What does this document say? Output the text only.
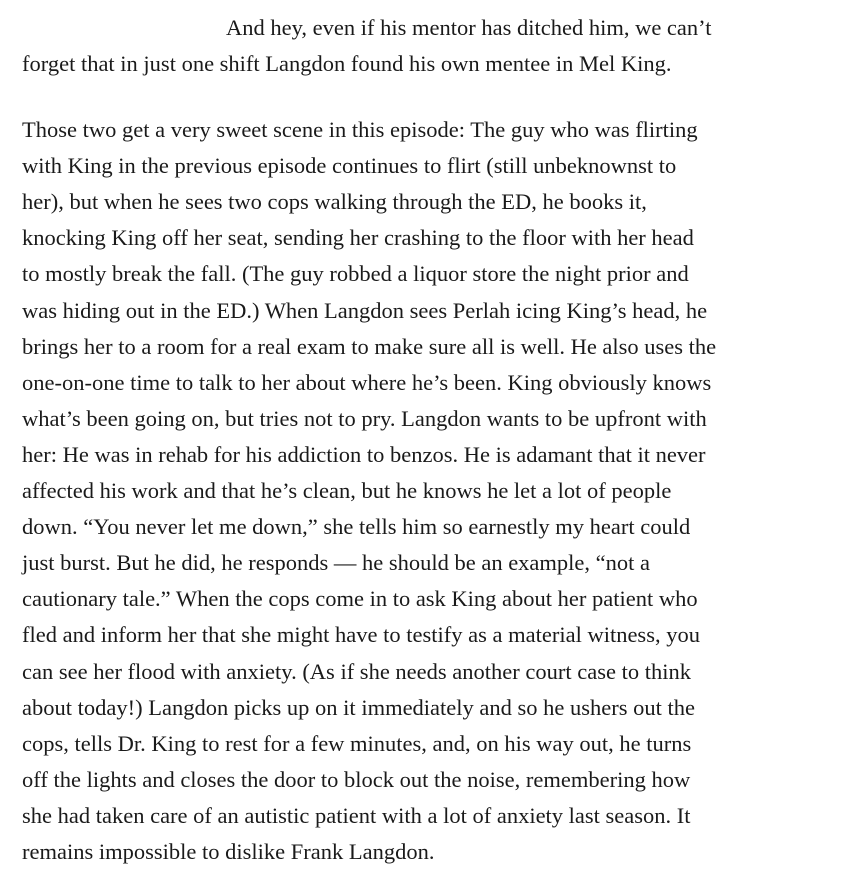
And hey, even if his mentor has ditched him, we can’t
forget that in just one shift Langdon found his own mentee in Mel King.
Those two get a very sweet scene in this episode: The guy who was flirting
with King in the previous episode continues to flirt (still unbeknownst to
her), but when he sees two cops walking through the ED, he books it,
knocking King off her seat, sending her crashing to the floor with her head
to mostly break the fall. (The guy robbed a liquor store the night prior and
was hiding out in the ED.) When Langdon sees Perlah icing King’s head, he
brings her to a room for a real exam to make sure all is well. He also uses the
one-on-one time to talk to her about where he’s been. King obviously knows
what’s been going on, but tries not to pry. Langdon wants to be upfront with
her: He was in rehab for his addiction to benzos. He is adamant that it never
affected his work and that he’s clean, but he knows he let a lot of people
down. “You never let me down,” she tells him so earnestly my heart could
just burst. But he did, he responds — he should be an example, “not a
cautionary tale.” When the cops come in to ask King about her patient who
fled and inform her that she might have to testify as a material witness, you
can see her flood with anxiety. (As if she needs another court case to think
about today!) Langdon picks up on it immediately and so he ushers out the
cops, tells Dr. King to rest for a few minutes, and, on his way out, he turns
off the lights and closes the door to block out the noise, remembering how
she had taken care of an autistic patient with a lot of anxiety last season. It
remains impossible to dislike Frank Langdon.
